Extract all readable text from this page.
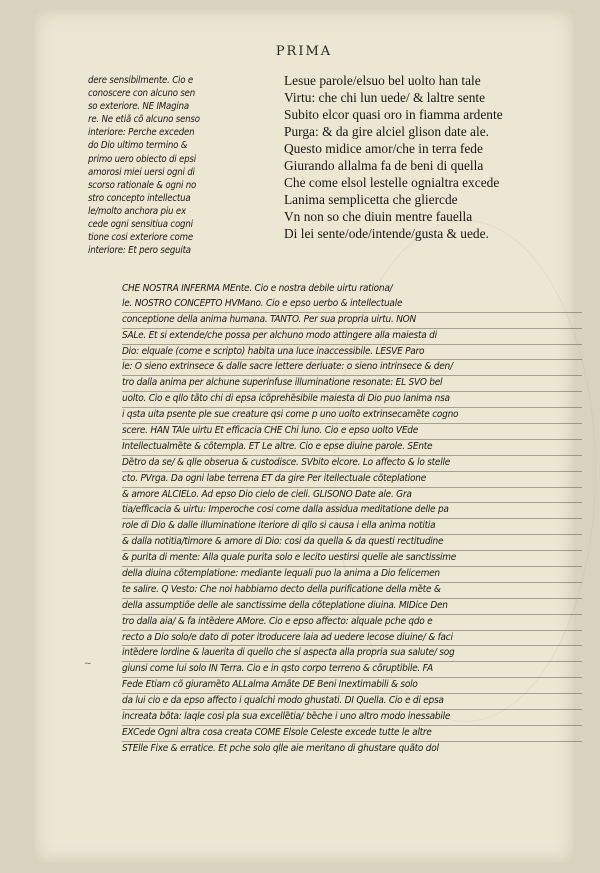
PRIMA
dere sensibilmente. Cio e
conoscere con alcuno sen
so exteriore. NE IMagina
re. Ne etiã cõ alcuno senso
interiore: Perche exceden
do Dio ultimo termino &
primo uero obiecto di epsi
amorosi miei uersi ogni di
scorso rationale & ogni no
stro concepto intellectua
le/molto anchora piu ex
cede ogni sensitiua cogni
tione cosi exteriore come
interiore: Et pero seguita
Lesue parole/elsuo bel uolto han tale
Virtu: che chi lun uede/ & laltre sente
Subito elcor quasi oro in fiamma ardente
Purga: & da gire alciel glison date ale.
Questo midice amor/che in terra fede
Giurando allalma fa de beni di quella
Che come elsol lestelle ognialtra excede
Lanima semplicetta che gliercde
Vn non so che diuin mentre fauella
Di lei sente/ode/intende/gusta & uede.
CHE NOSTRA INFERMA MEnte. Cio e nostra debile uirtu rationa/
le. NOSTRO CONCEPTO HVMano. Cio e epso uerbo & intellectuale
conceptione della anima humana. TANTO. Per sua propria uirtu. NON
SALe. Et si extende/che possa per alchuno modo attingere alla maiesta di
Dio: elquale (come e scripto) habita una luce inaccessibile. LESVE Paro
le: O sieno extrinsece & dalle sacre lettere deriuate: o sieno intrinsece & den/
tro dalla anima per alchune superinfuse illuminatione resonate: EL SVO bel
uolto. Cio e qllo tãto chi di epsa icõprehẽsibile maiesta di Dio puo lanima nsa
i qsta uita psente ple sue creature qsi come p uno uolto extrinsecamẽte cogno
scere. HAN TAle uirtu Et efficacia CHE Chi luno. Cio e epso uolto VEde
Intellectualmẽte & cõtempla. ET Le altre. Cio e epse diuine parole. SEnte
Dẽtro da se/ & qlle obserua & custodisce. SVbito elcore. Lo affecto & lo stelle
cto. PVrga. Da ogni labe terrena ET da gire Per itellectuale cõteplatione
& amore ALCIELo. Ad epso Dio cielo de cieli. GLISONO Date ale. Gra
tia/efficacia & uirtu: Imperoche cosi come dalla assidua meditatione delle pa
role di Dio & dalle illuminatione iteriore di qllo si causa i ella anima notitia
& dalla notitia/timore & amore di Dio: cosi da quella & da questi rectitudine
& purita di mente: Alla quale purita solo e lecito uestirsi quelle ale sanctissime
della diuina cõtemplatione: mediante lequali puo la anima a Dio felicemen
te salire. Q Vesto: Che noi habbiamo decto della purificatione della mẽte &
della assumptiõe delle ale sanctissime della cõteplatione diuina. MIDice Den
tro dalla aia/ & fa intẽdere AMore. Cio e epso affecto: alquale pche qdo e
recto a Dio solo/e dato di poter itroducere laia ad uedere lecose diuine/ & faci
intẽdere lordine & lauerita di quello che si aspecta alla propria sua salute/ sog
giunsi come lui solo IN Terra. Cio e in qsto corpo terreno & cõruptibile. FA
Fede Etiam cõ giuramẽto ALLalma Amãte DE Beni Inextimabili & solo
da lui cio e da epso affecto i qualchi modo ghustati. DI Quella. Cio e di epsa
increata bõta: laqle cosi pla sua excellẽtia/ bẽche i uno altro modo inessabile
EXCede Ogni altra cosa creata COME Elsole Celeste excede tutte le altre
STElle Fixe & erratice. Et pche solo qlle aie meritano di ghustare quãto dol
~
